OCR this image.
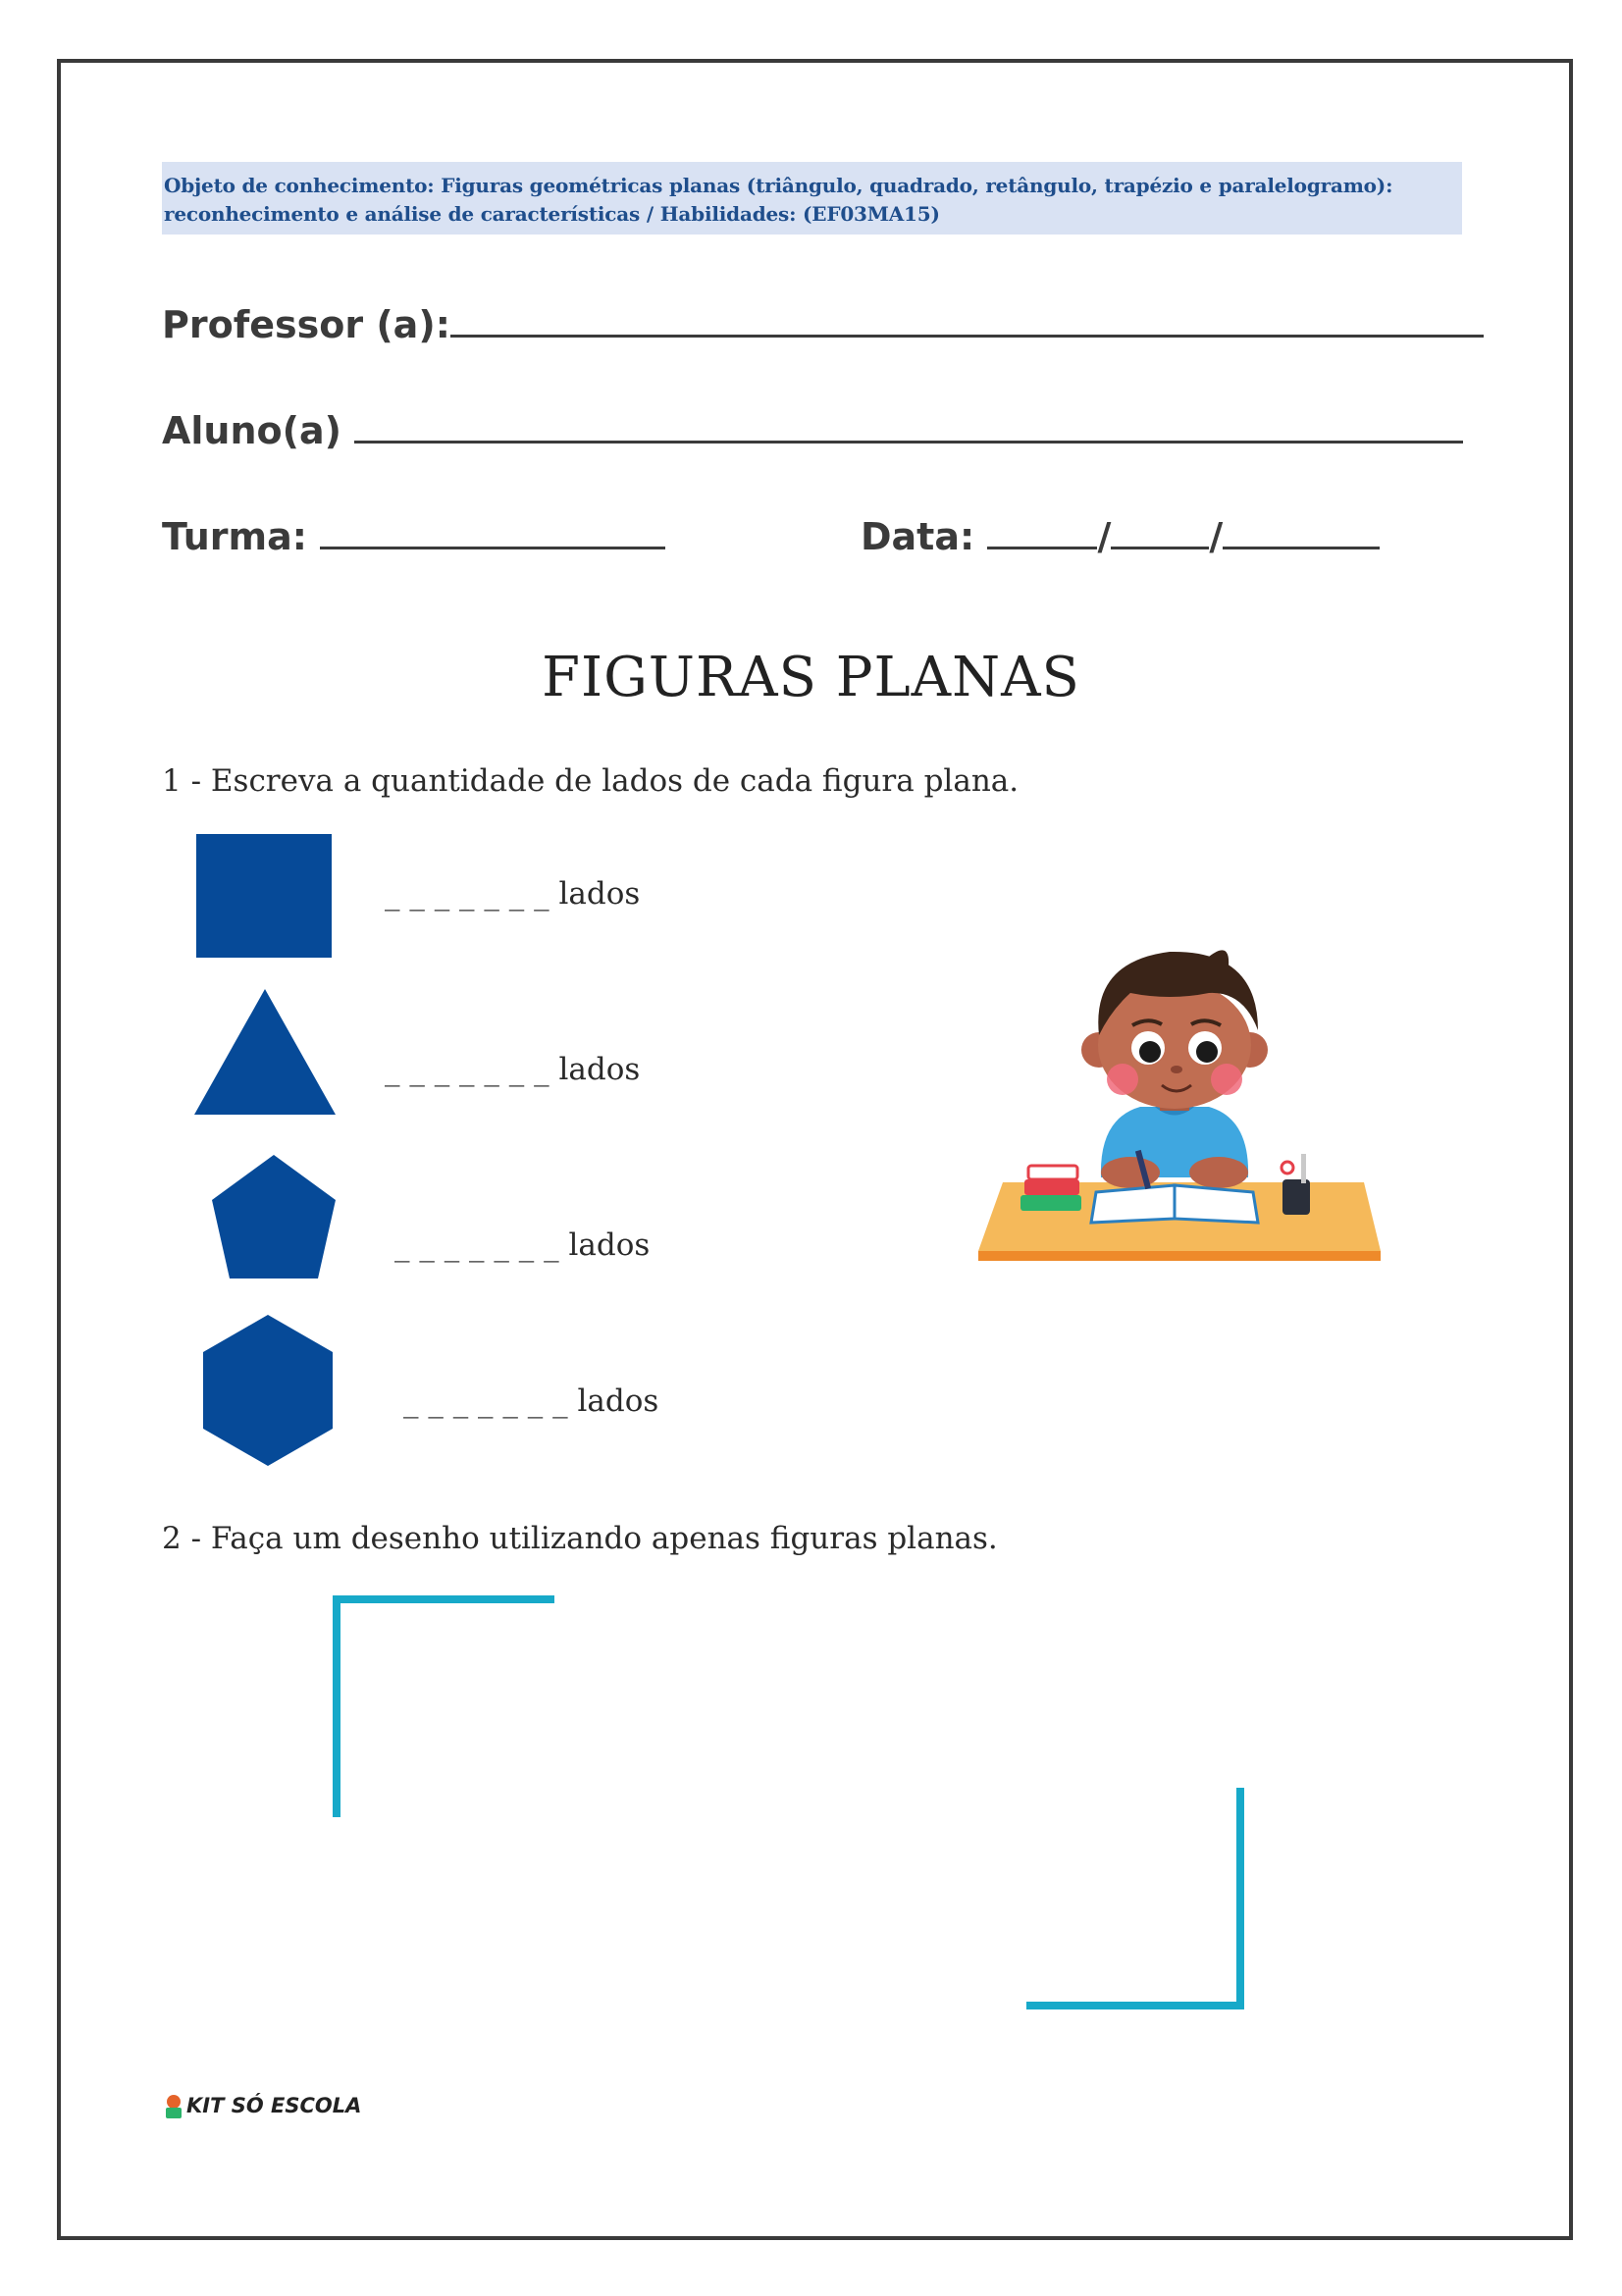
Objeto de conhecimento: Figuras geométricas planas (triângulo, quadrado, retângulo, trapézio e paralelogramo): reconhecimento e análise de características / Habilidades: (EF03MA15)
Professor (a):
Aluno(a)
Turma:	Data:	/	/
FIGURAS PLANAS
1 - Escreva a quantidade de lados de cada figura plana.
_ _ _ _ _ _ _ lados
_ _ _ _ _ _ _ lados
_ _ _ _ _ _ _ lados
_ _ _ _ _ _ _ lados
2 - Faça um desenho utilizando apenas figuras planas.
KIT SÓ ESCOLA
